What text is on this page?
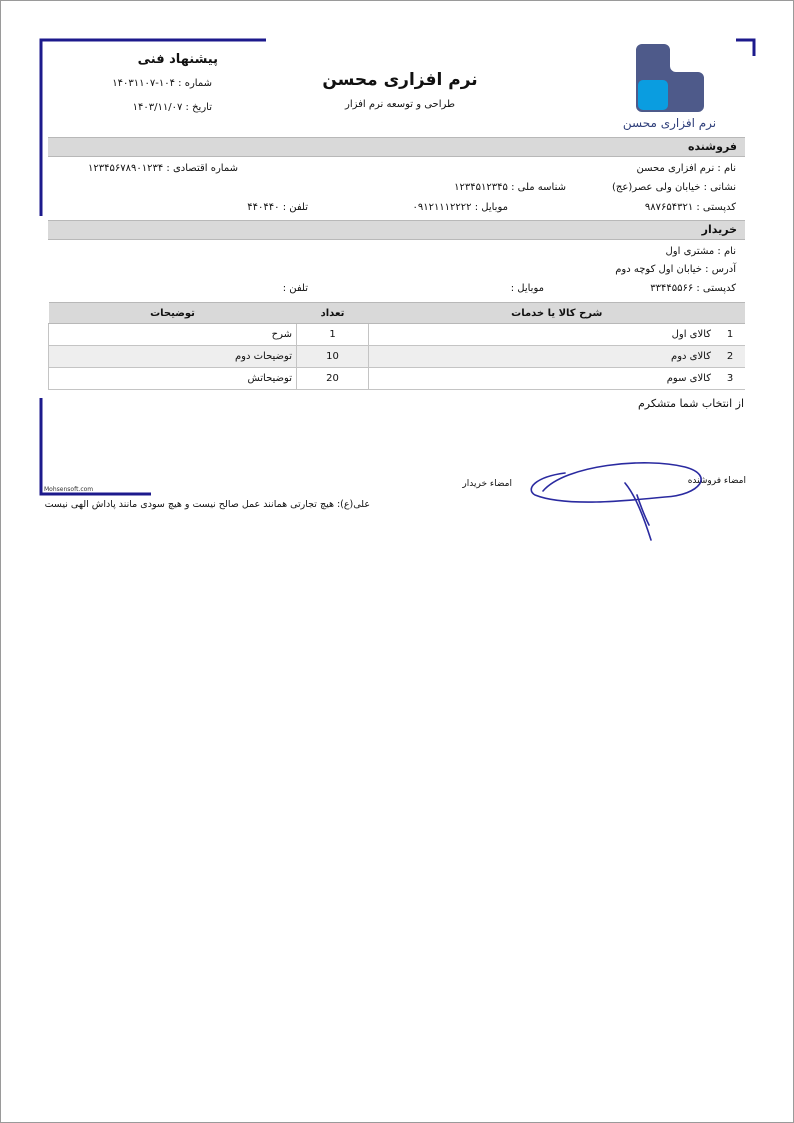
نرم افزاری محسن
نرم افزاری محسن
طراحی و توسعه نرم افزار
پیشنهاد فنی
شماره : ۱۰۴-۱۴۰۳۱۱۰۷
تاریخ : ۱۴۰۳/۱۱/۰۷
فروشنده
نام : نرم افزاری محسن
شماره اقتصادی : ۱۲۳۴۵۶۷۸۹۰۱۲۳۴
نشانی : خیابان ولی عصر(عج)
شناسه ملی : ۱۲۳۴۵۱۲۳۴۵
کدپستی : ۹۸۷۶۵۴۳۲۱
موبایل : ۰۹۱۲۱۱۱۲۲۲۲
تلفن : ۴۴۰۴۴۰
خریدار
نام : مشتری اول
آدرس : خیابان اول کوچه دوم
کدپستی : ۳۳۴۴۵۵۶۶
موبایل :
تلفن :
شرح کالا یا خدمات		تعداد	توضیحات
1	کالای اول	1	شرح
2	کالای دوم	10	توضیحات دوم
3	کالای سوم	20	توضیحاتش
از انتخاب شما متشکرم
امضاء فروشنده
امضاء خریدار
Mohsensoft.com
علی(ع): هیچ تجارتی همانند عمل صالح نیست و هیچ سودی مانند پاداش الهی نیست
